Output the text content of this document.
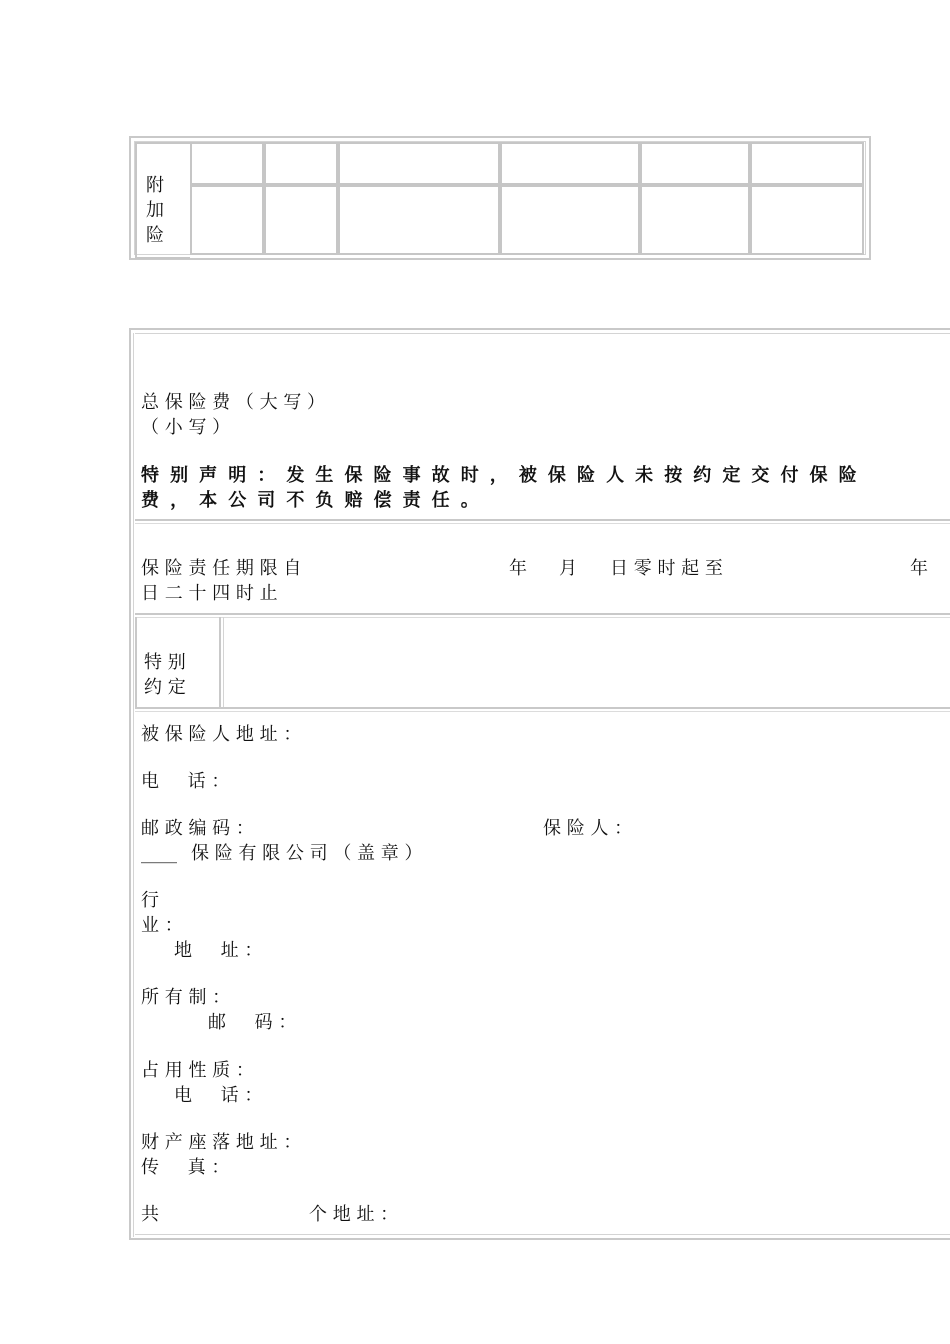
附
加
险
总 保 险 费 （ 大 写 ）
（ 小 写 ）
特 别 声 明 ： 发 生 保 险 事 故 时 ， 被 保 险 人 未 按 约 定 交 付 保 险
费 ， 本 公 司 不 负 赔 偿 责 任 。
保 险 责 任 期 限 自	年 月 日 零 时 起 至	年
日 二 十 四 时 止
特 别
约 定
被 保 险 人 地 址 ：
电     话 ：
邮 政 编 码 ：	保 险 人 ：
____ 保 险 有 限 公 司 （ 盖 章 ）
行
业 ：
地     址 ：
所 有 制 ：
邮     码 ：
占 用 性 质 ：
电     话 ：
财 产 座 落 地 址 ：
传     真 ：
共	个 地 址 ：
